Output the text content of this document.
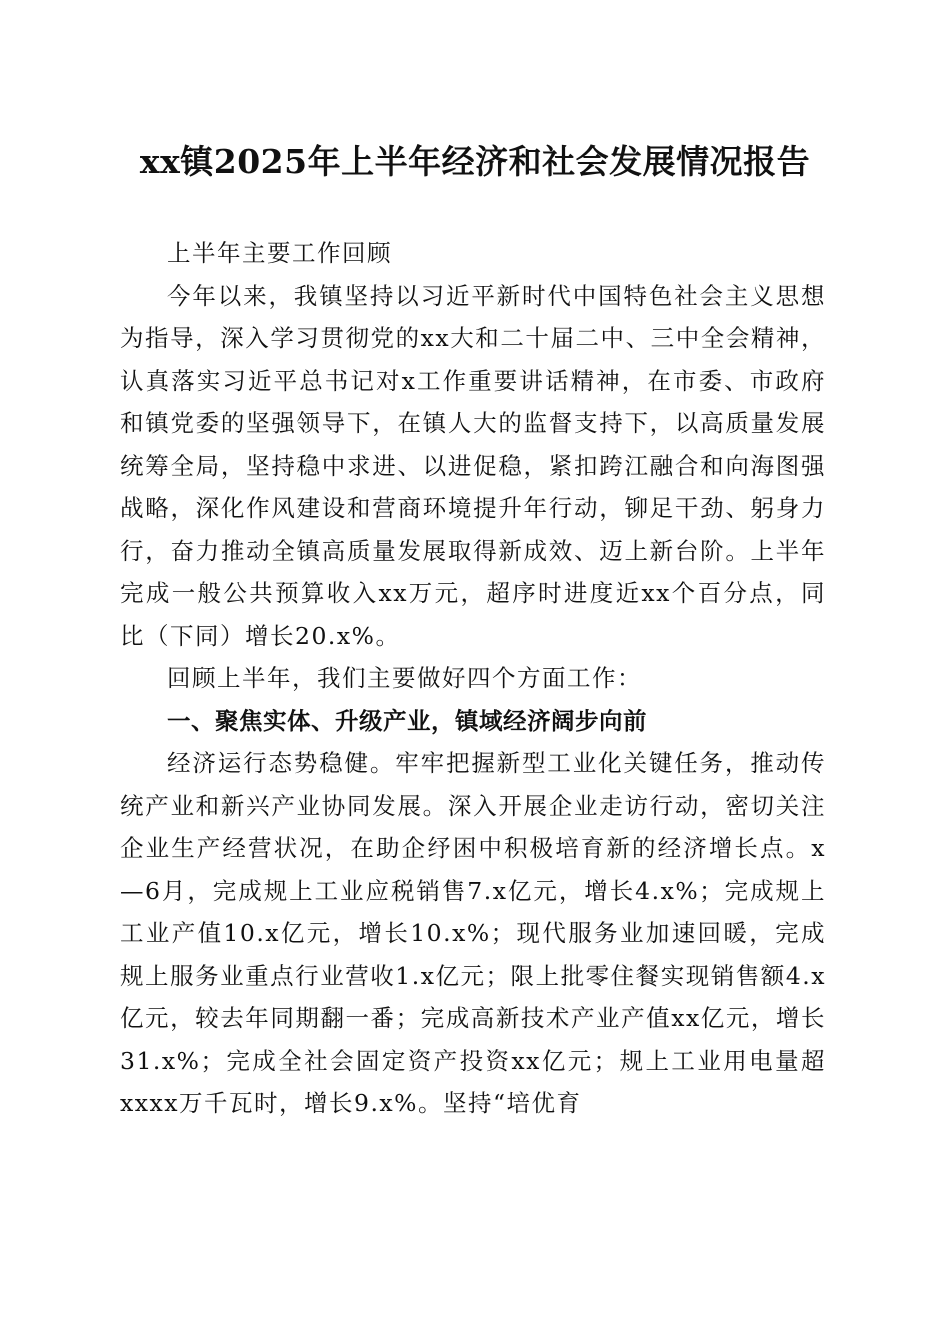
xx镇2025年上半年经济和社会发展情况报告

上半年主要工作回顾

今年以来，我镇坚持以习近平新时代中国特色社会主义思想为指导，深入学习贯彻党的xx大和二十届二中、三中全会精神，认真落实习近平总书记对x工作重要讲话精神，在市委、市政府和镇党委的坚强领导下，在镇人大的监督支持下，以高质量发展统筹全局，坚持稳中求进、以进促稳，紧扣跨江融合和向海图强战略，深化作风建设和营商环境提升年行动，铆足干劲、躬身力行，奋力推动全镇高质量发展取得新成效、迈上新台阶。上半年完成一般公共预算收入xx万元，超序时进度近xx个百分点，同比（下同）增长20.x%。

回顾上半年，我们主要做好四个方面工作：

一、聚焦实体、升级产业，镇域经济阔步向前

经济运行态势稳健。牢牢把握新型工业化关键任务，推动传统产业和新兴产业协同发展。深入开展企业走访行动，密切关注企业生产经营状况，在助企纾困中积极培育新的经济增长点。x—6月，完成规上工业应税销售7.x亿元，增长4.x%；完成规上工业产值10.x亿元，增长10.x%；现代服务业加速回暖，完成规上服务业重点行业营收1.x亿元；限上批零住餐实现销售额4.x亿元，较去年同期翻一番；完成高新技术产业产值xx亿元，增长31.x%；完成全社会固定资产投资xx亿元；规上工业用电量超xxxx万千瓦时，增长9.x%。坚持“培优育
